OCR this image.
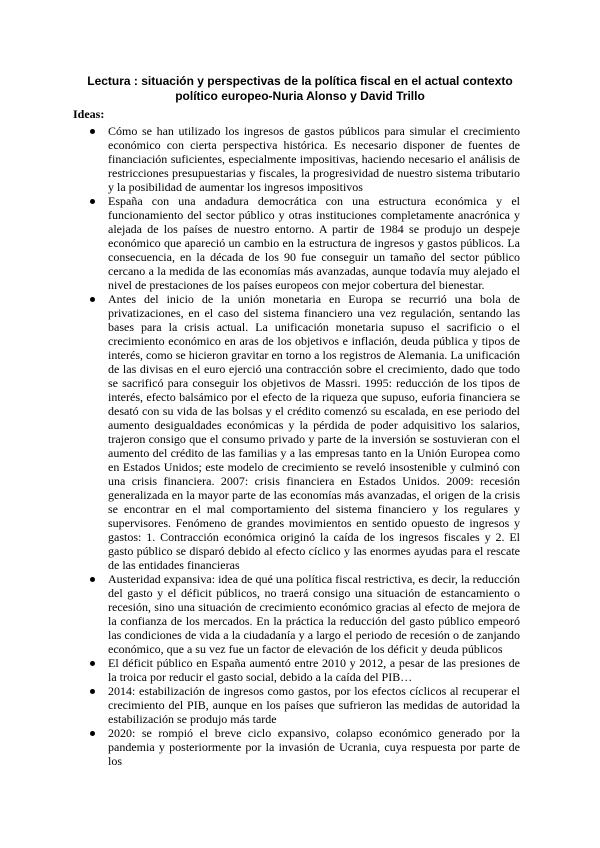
Lectura : situación y perspectivas de la política fiscal en el actual contexto político europeo-Nuria Alonso y David Trillo
Ideas:

Cómo se han utilizado los ingresos de gastos públicos para simular el crecimiento económico con cierta perspectiva histórica. Es necesario disponer de fuentes de financiación suficientes, especialmente impositivas, haciendo necesario el análisis de restricciones presupuestarias y fiscales, la progresividad de nuestro sistema tributario y la posibilidad de aumentar los ingresos impositivos

España con una andadura democrática con una estructura económica y el funcionamiento del sector público y otras instituciones completamente anacrónica y alejada de los países de nuestro entorno. A partir de 1984 se produjo un despeje económico que apareció un cambio en la estructura de ingresos y gastos públicos. La consecuencia, en la década de los 90 fue conseguir un tamaño del sector público cercano a la medida de las economías más avanzadas, aunque todavía muy alejado el nivel de prestaciones de los países europeos con mejor cobertura del bienestar.

Antes del inicio de la unión monetaria en Europa se recurrió una bola de privatizaciones, en el caso del sistema financiero una vez regulación, sentando las bases para la crisis actual. La unificación monetaria supuso el sacrificio o el crecimiento económico en aras de los objetivos e inflación, deuda pública y tipos de interés, como se hicieron gravitar en torno a los registros de Alemania. La unificación de las divisas en el euro ejerció una contracción sobre el crecimiento, dado que todo se sacrificó para conseguir los objetivos de Massri. 1995: reducción de los tipos de interés, efecto balsámico por el efecto de la riqueza que supuso, euforia financiera se desató con su vida de las bolsas y el crédito comenzó su escalada, en ese periodo del aumento desigualdades económicas y la pérdida de poder adquisitivo los salarios, trajeron consigo que el consumo privado y parte de la inversión se sostuvieran con el aumento del crédito de las familias y a las empresas tanto en la Unión Europea como en Estados Unidos; este modelo de crecimiento se reveló insostenible y culminó con una crisis financiera. 2007: crisis financiera en Estados Unidos. 2009: recesión generalizada en la mayor parte de las economías más avanzadas, el origen de la crisis se encontrar en el mal comportamiento del sistema financiero y los regulares y supervisores. Fenómeno de grandes movimientos en sentido opuesto de ingresos y gastos: 1. Contracción económica originó la caída de los ingresos fiscales y 2. El gasto público se disparó debido al efecto cíclico y las enormes ayudas para el rescate de las entidades financieras

Austeridad expansiva: idea de qué una política fiscal restrictiva, es decir, la reducción del gasto y el déficit públicos, no traerá consigo una situación de estancamiento o recesión, sino una situación de crecimiento económico gracias al efecto de mejora de la confianza de los mercados. En la práctica la reducción del gasto público empeoró las condiciones de vida a la ciudadanía y a largo el periodo de recesión o de zanjando económico, que a su vez fue un factor de elevación de los déficit y deuda públicos

El déficit público en España aumentó entre 2010 y 2012, a pesar de las presiones de la troica por reducir el gasto social, debido a la caída del PIB…

2014: estabilización de ingresos como gastos, por los efectos cíclicos al recuperar el crecimiento del PIB, aunque en los países que sufrieron las medidas de autoridad la estabilización se produjo más tarde

2020: se rompió el breve ciclo expansivo, colapso económico generado por la pandemia y posteriormente por la invasión de Ucrania, cuya respuesta por parte de los
